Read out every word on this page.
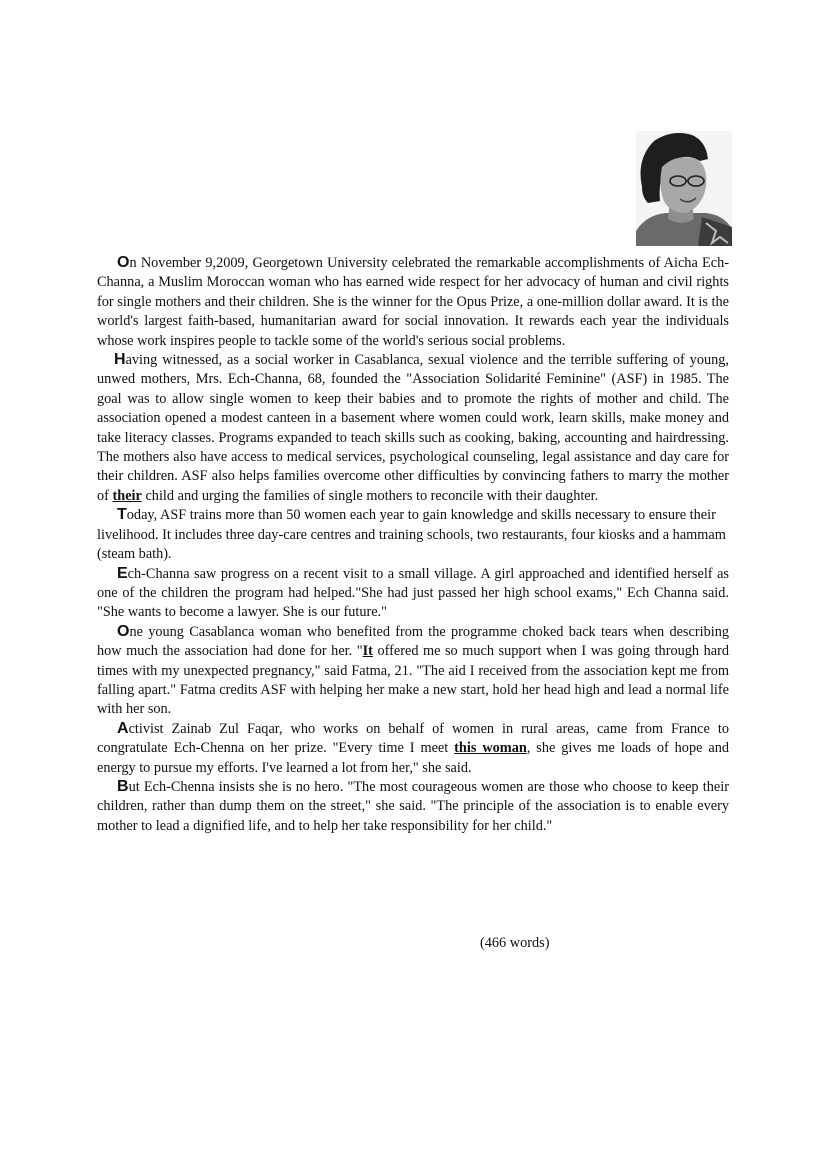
On November 9,2009, Georgetown University celebrated the remarkable accomplishments of Aicha Ech-Channa, a Muslim Moroccan woman who has earned wide respect for her advocacy of human and civil rights for single mothers and their children. She is the winner for the Opus Prize, a one-million dollar award. It is the world's largest faith-based, humanitarian award for social innovation. It rewards each year the individuals whose work inspires people to tackle some of the world's serious social problems.

Having witnessed, as a social worker in Casablanca, sexual violence and the terrible suffering of young, unwed mothers, Mrs. Ech-Channa, 68, founded the "Association Solidarité Feminine" (ASF) in 1985. The goal was to allow single women to keep their babies and to promote the rights of mother and child. The association opened a modest canteen in a basement where women could work, learn skills, make money and take literacy classes. Programs expanded to teach skills such as cooking, baking, accounting and hairdressing. The mothers also have access to medical services, psychological counseling, legal assistance and day care for their children. ASF also helps families overcome other difficulties by convincing fathers to marry the mother of their child and urging the families of single mothers to reconcile with their daughter.

Today, ASF trains more than 50 women each year to gain knowledge and skills necessary to ensure their livelihood. It includes three day-care centres and training schools, two restaurants, four kiosks and a hammam (steam bath).

Ech-Channa saw progress on a recent visit to a small village. A girl approached and identified herself as one of the children the program had helped."She had just passed her high school exams," Ech Channa said. "She wants to become a lawyer. She is our future."

One young Casablanca woman who benefited from the programme choked back tears when describing how much the association had done for her. "It offered me so much support when I was going through hard times with my unexpected pregnancy," said Fatma, 21. "The aid I received from the association kept me from falling apart." Fatma credits ASF with helping her make a new start, hold her head high and lead a normal life with her son.

Activist Zainab Zul Faqar, who works on behalf of women in rural areas, came from France to congratulate Ech-Chenna on her prize. "Every time I meet this woman, she gives me loads of hope and energy to pursue my efforts. I've learned a lot from her," she said.

But Ech-Chenna insists she is no hero. "The most courageous women are those who choose to keep their children, rather than dump them on the street," she said. "The principle of the association is to enable every mother to lead a dignified life, and to help her take responsibility for her child."

(466 words)
